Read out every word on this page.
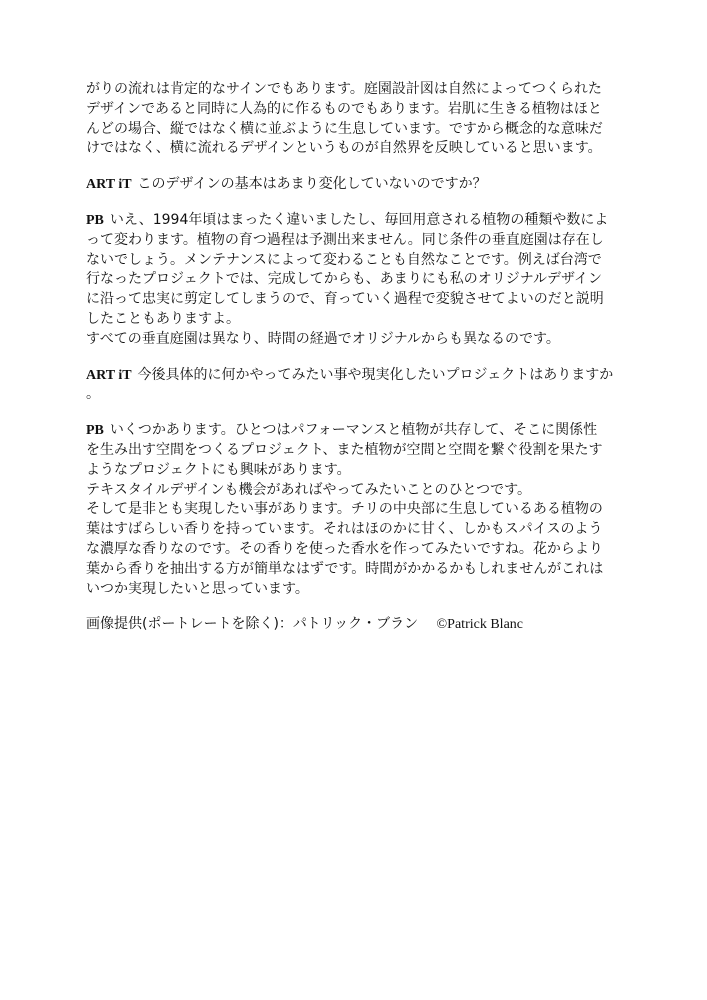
がりの流れは肯定的なサインでもあります。庭園設計図は自然によってつくられた
デザインであると同時に人為的に作るものでもあります。岩肌に生きる植物はほと
んどの場合、縦ではなく横に並ぶように生息しています。ですから概念的な意味だ
けではなく、横に流れるデザインというものが自然界を反映していると思います。
ART iT このデザインの基本はあまり変化していないのですか？
PB いえ、1994年頃はまったく違いましたし、毎回用意される植物の種類や数によ
って変わります。植物の育つ過程は予測出来ません。同じ条件の垂直庭園は存在し
ないでしょう。メンテナンスによって変わることも自然なことです。例えば台湾で
行なったプロジェクトでは、完成してからも、あまりにも私のオリジナルデザイン
に沿って忠実に剪定してしまうので、育っていく過程で変貌させてよいのだと説明
したこともありますよ。
すべての垂直庭園は異なり、時間の経過でオリジナルからも異なるのです。
ART iT 今後具体的に何かやってみたい事や現実化したいプロジェクトはありますか
。
PB いくつかあります。ひとつはパフォーマンスと植物が共存して、そこに関係性
を生み出す空間をつくるプロジェクト、また植物が空間と空間を繋ぐ役割を果たす
ようなプロジェクトにも興味があります。
テキスタイルデザインも機会があればやってみたいことのひとつです。
そして是非とも実現したい事があります。チリの中央部に生息しているある植物の
葉はすばらしい香りを持っています。それはほのかに甘く、しかもスパイスのよう
な濃厚な香りなのです。その香りを使った香水を作ってみたいですね。花からより
葉から香りを抽出する方が簡単なはずです。時間がかかるかもしれませんがこれは
いつか実現したいと思っています。
画像提供(ポートレートを除く)：パトリック・ブラン ©Patrick Blanc
